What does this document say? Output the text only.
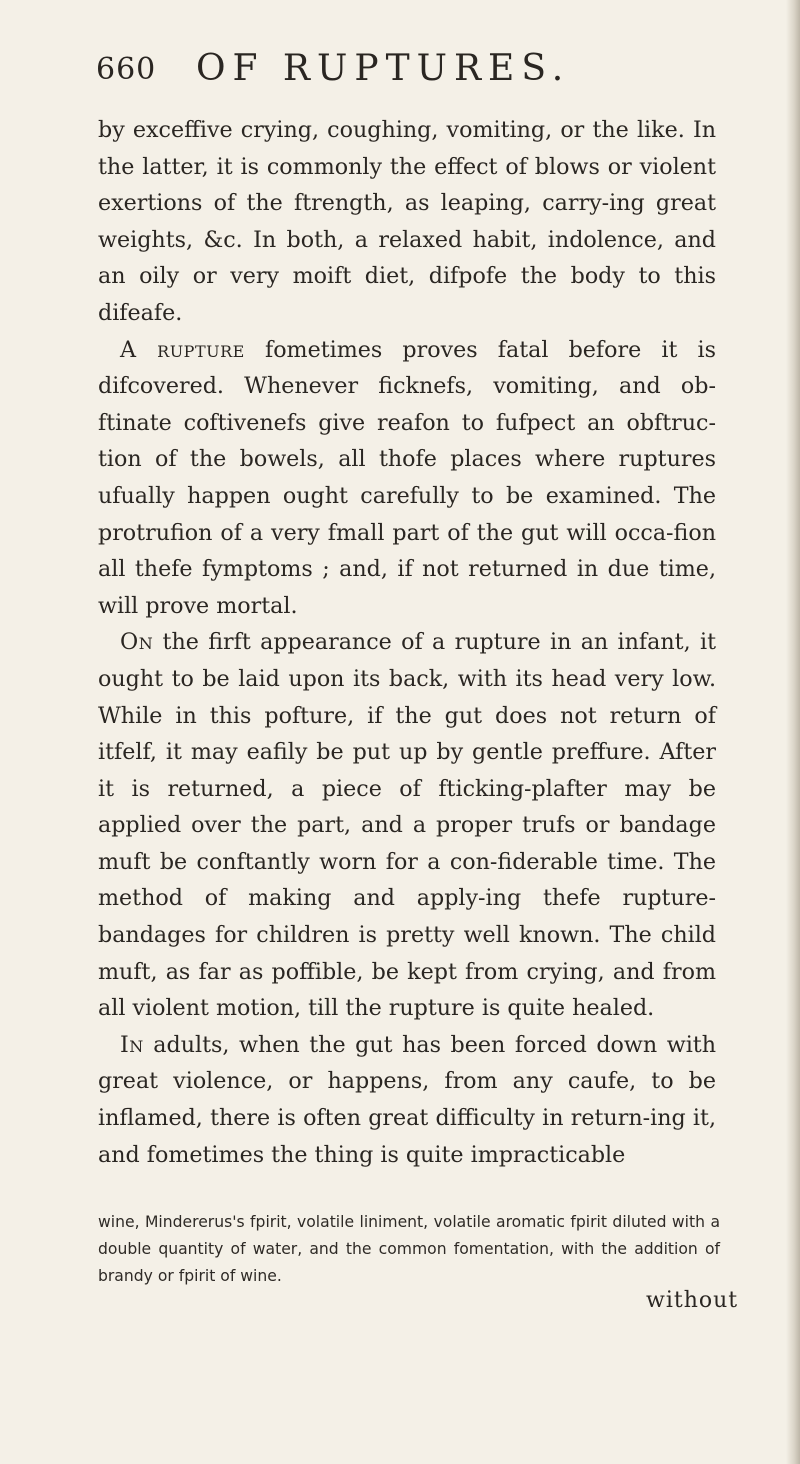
660 OF RUPTURES.

by exceffive crying, coughing, vomiting, or the like. In the latter, it is commonly the effect of blows or violent exertions of the ftrength, as leaping, carry-ing great weights, &c. In both, a relaxed habit, indolence, and an oily or very moift diet, difpofe the body to this difeafe.

A rupture fometimes proves fatal before it is difcovered. Whenever ficknefs, vomiting, and ob-ftinate coftivenefs give reafon to fufpect an obftruc-tion of the bowels, all thofe places where ruptures ufually happen ought carefully to be examined. The protrufion of a very fmall part of the gut will occa-fion all thefe fymptoms ; and, if not returned in due time, will prove mortal.

On the firft appearance of a rupture in an infant, it ought to be laid upon its back, with its head very low. While in this pofture, if the gut does not return of itfelf, it may eafily be put up by gentle preffure. After it is returned, a piece of fticking-plafter may be applied over the part, and a proper trufs or bandage muft be conftantly worn for a con-fiderable time. The method of making and apply-ing thefe rupture-bandages for children is pretty well known. The child muft, as far as poffible, be kept from crying, and from all violent motion, till the rupture is quite healed.

In adults, when the gut has been forced down with great violence, or happens, from any caufe, to be inflamed, there is often great difficulty in return-ing it, and fometimes the thing is quite impracticable

wine, Mindererus's fpirit, volatile liniment, volatile aromatic fpirit diluted with a double quantity of water, and the common fomentation, with the addition of brandy or fpirit of wine.
without
